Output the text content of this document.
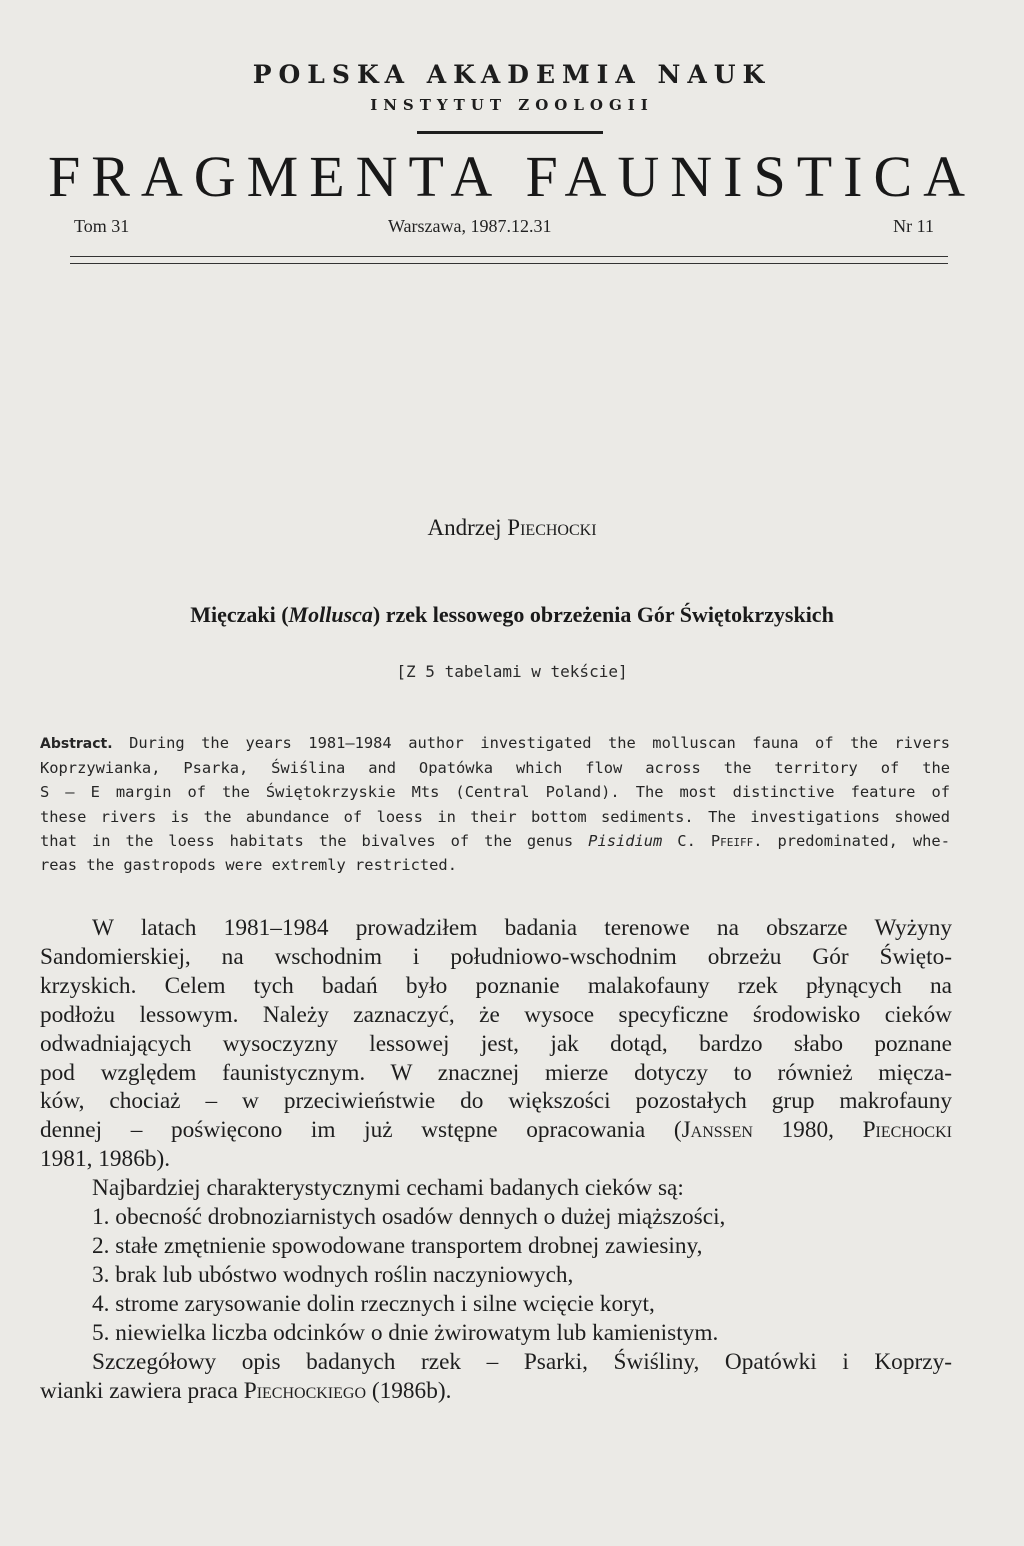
POLSKA AKADEMIA NAUK
INSTYTUT ZOOLOGII
FRAGMENTA FAUNISTICA
Tom 31	Warszawa, 1987.12.31	Nr 11
Andrzej Piechocki
Mięczaki (Mollusca) rzek lessowego obrzeżenia Gór Świętokrzyskich
[Z 5 tabelami w tekście]
Abstract. During the years 1981–1984 author investigated the molluscan fauna of the rivers
Koprzywianka, Psarka, Świślina and Opatówka which flow across the territory of the
S – E margin of the Świętokrzyskie Mts (Central Poland). The most distinctive feature of
these rivers is the abundance of loess in their bottom sediments. The investigations showed
that in the loess habitats the bivalves of the genus Pisidium C. Pfeiff. predominated, whe-
reas the gastropods were extremly restricted.
W latach 1981–1984 prowadziłem badania terenowe na obszarze Wyżyny
Sandomierskiej, na wschodnim i południowo-wschodnim obrzeżu Gór Święto-
krzyskich. Celem tych badań było poznanie malakofauny rzek płynących na
podłożu lessowym. Należy zaznaczyć, że wysoce specyficzne środowisko cieków
odwadniających wysoczyzny lessowej jest, jak dotąd, bardzo słabo poznane
pod względem faunistycznym. W znacznej mierze dotyczy to również mięcza-
ków, chociaż – w przeciwieństwie do większości pozostałych grup makrofauny
dennej – poświęcono im już wstępne opracowania (Janssen 1980, Piechocki
1981, 1986b).
Najbardziej charakterystycznymi cechami badanych cieków są:
1. obecność drobnoziarnistych osadów dennych o dużej miąższości,
2. stałe zmętnienie spowodowane transportem drobnej zawiesiny,
3. brak lub ubóstwo wodnych roślin naczyniowych,
4. strome zarysowanie dolin rzecznych i silne wcięcie koryt,
5. niewielka liczba odcinków o dnie żwirowatym lub kamienistym.
Szczegółowy opis badanych rzek – Psarki, Świśliny, Opatówki i Koprzy-
wianki zawiera praca Piechockiego (1986b).
